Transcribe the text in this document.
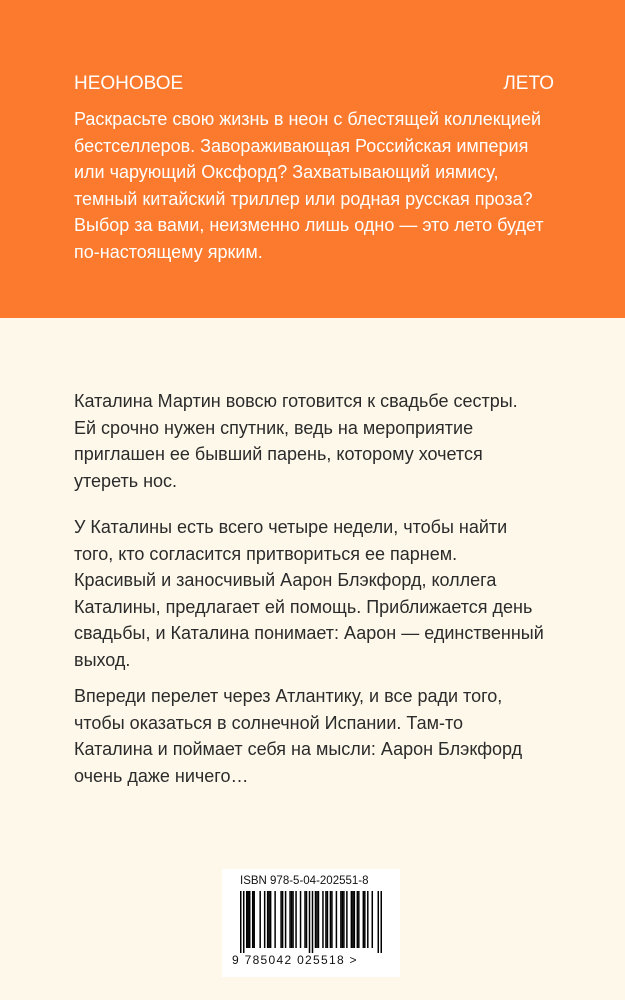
НЕОНОВОЕ ЛЕТО

Раскрасьте свою жизнь в неон с блестящей коллекцией
бестселлеров. Завораживающая Российская империя
или чарующий Оксфорд? Захватывающий иямису,
темный китайский триллер или родная русская проза?
Выбор за вами, неизменно лишь одно — это лето будет
по-настоящему ярким.

Каталина Мартин вовсю готовится к свадьбе сестры.
Ей срочно нужен спутник, ведь на мероприятие
приглашен ее бывший парень, которому хочется
утереть нос.

У Каталины есть всего четыре недели, чтобы найти
того, кто согласится притвориться ее парнем.
Красивый и заносчивый Аарон Блэкфорд, коллега
Каталины, предлагает ей помощь. Приближается день
свадьбы, и Каталина понимает: Аарон — единственный
выход.

Впереди перелет через Атлантику, и все ради того,
чтобы оказаться в солнечной Испании. Там-то
Каталина и поймает себя на мысли: Аарон Блэкфорд
очень даже ничего…

ISBN 978-5-04-202551-8

9 785042 025518 >
